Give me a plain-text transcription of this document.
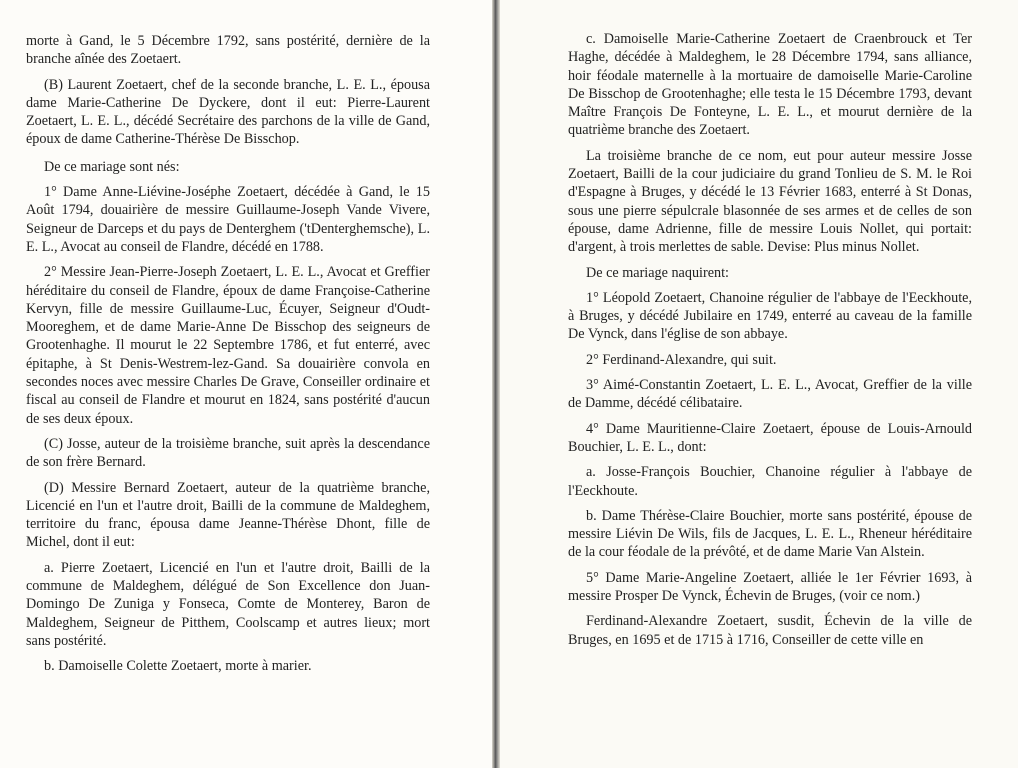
morte à Gand, le 5 Décembre 1792, sans postérité, dernière de la branche aînée des Zoetaert.

(B) Laurent Zoetaert, chef de la seconde branche, L. E. L., épousa dame Marie-Catherine De Dyckere, dont il eut: Pierre-Laurent Zoetaert, L. E. L., décédé Secrétaire des parchons de la ville de Gand, époux de dame Catherine-Thérèse De Bisschop.

De ce mariage sont nés:

1° Dame Anne-Liévine-Joséphe Zoetaert, décédée à Gand, le 15 Août 1794, douairière de messire Guillaume-Joseph Vande Vivere, Seigneur de Darceps et du pays de Denterghem ('tDenterghemsche), L. E. L., Avocat au conseil de Flandre, décédé en 1788.

2° Messire Jean-Pierre-Joseph Zoetaert, L. E. L., Avocat et Greffier héréditaire du conseil de Flandre, époux de dame Françoise-Catherine Kervyn, fille de messire Guillaume-Luc, Écuyer, Seigneur d'Oudt-Mooreghem, et de dame Marie-Anne De Bisschop des seigneurs de Grootenhaghe. Il mourut le 22 Septembre 1786, et fut enterré, avec épitaphe, à St Denis-Westrem-lez-Gand. Sa douairière convola en secondes noces avec messire Charles De Grave, Conseiller ordinaire et fiscal au conseil de Flandre et mourut en 1824, sans postérité d'aucun de ses deux époux.

(C) Josse, auteur de la troisième branche, suit après la descendance de son frère Bernard.

(D) Messire Bernard Zoetaert, auteur de la quatrième branche, Licencié en l'un et l'autre droit, Bailli de la commune de Maldeghem, territoire du franc, épousa dame Jeanne-Thérèse Dhont, fille de Michel, dont il eut:

a. Pierre Zoetaert, Licencié en l'un et l'autre droit, Bailli de la commune de Maldeghem, délégué de Son Excellence don Juan-Domingo De Zuniga y Fonseca, Comte de Monterey, Baron de Maldeghem, Seigneur de Pitthem, Coolscamp et autres lieux; mort sans postérité.

b. Damoiselle Colette Zoetaert, morte à marier.

c. Damoiselle Marie-Catherine Zoetaert de Craenbrouck et Ter Haghe, décédée à Maldeghem, le 28 Décembre 1794, sans alliance, hoir féodale maternelle à la mortuaire de damoiselle Marie-Caroline De Bisschop de Grootenhaghe; elle testa le 15 Décembre 1793, devant Maître François De Fonteyne, L. E. L., et mourut dernière de la quatrième branche des Zoetaert.

La troisième branche de ce nom, eut pour auteur messire Josse Zoetaert, Bailli de la cour judiciaire du grand Tonlieu de S. M. le Roi d'Espagne à Bruges, y décédé le 13 Février 1683, enterré à St Donas, sous une pierre sépulcrale blasonnée de ses armes et de celles de son épouse, dame Adrienne, fille de messire Louis Nollet, qui portait: d'argent, à trois merlettes de sable. Devise: Plus minus Nollet.

De ce mariage naquirent:

1° Léopold Zoetaert, Chanoine régulier de l'abbaye de l'Eeckhoute, à Bruges, y décédé Jubilaire en 1749, enterré au caveau de la famille De Vynck, dans l'église de son abbaye.

2° Ferdinand-Alexandre, qui suit.

3° Aimé-Constantin Zoetaert, L. E. L., Avocat, Greffier de la ville de Damme, décédé célibataire.

4° Dame Mauritienne-Claire Zoetaert, épouse de Louis-Arnould Bouchier, L. E. L., dont:

a. Josse-François Bouchier, Chanoine régulier à l'abbaye de l'Eeckhoute.

b. Dame Thérèse-Claire Bouchier, morte sans postérité, épouse de messire Liévin De Wils, fils de Jacques, L. E. L., Rheneur héréditaire de la cour féodale de la prévôté, et de dame Marie Van Alstein.

5° Dame Marie-Angeline Zoetaert, alliée le 1er Février 1693, à messire Prosper De Vynck, Échevin de Bruges, (voir ce nom.)

Ferdinand-Alexandre Zoetaert, susdit, Échevin de la ville de Bruges, en 1695 et de 1715 à 1716, Conseiller de cette ville en
